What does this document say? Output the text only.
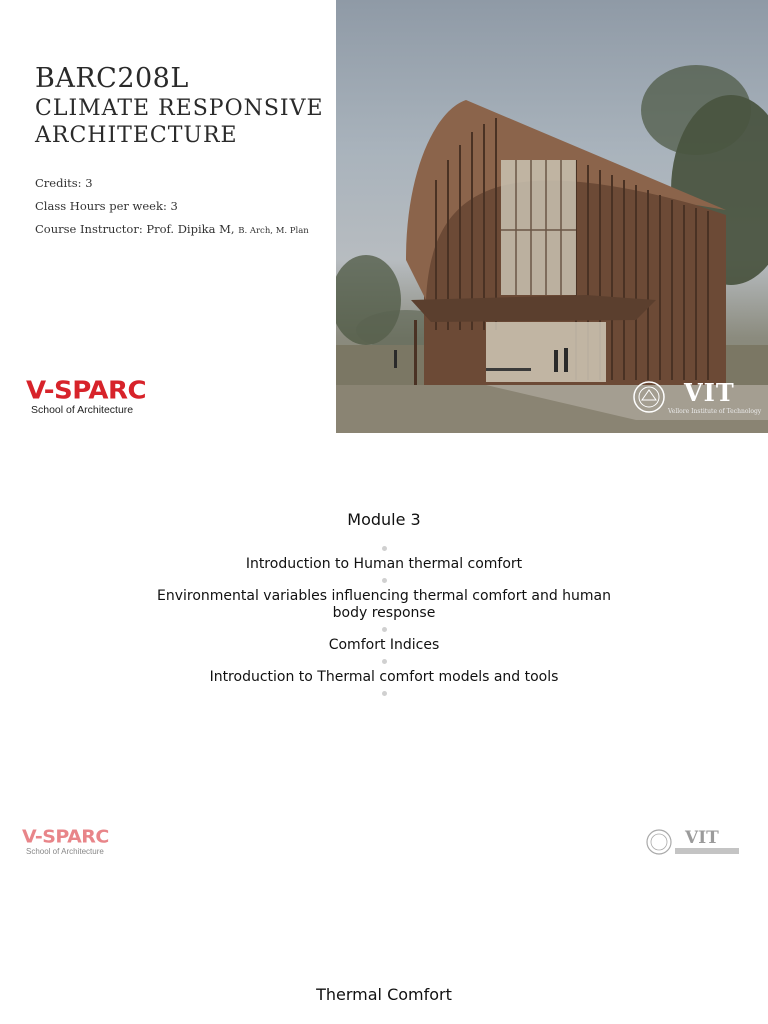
BARC208L
CLIMATE RESPONSIVE
ARCHITECTURE
Credits: 3
Class Hours per week: 3
Course Instructor: Prof. Dipika M, B. Arch, M. Plan
V-SPARC
School of Architecture
VIT
Vellore Institute of Technology
Module 3
Introduction to Human thermal comfort
Environmental variables influencing thermal comfort and human body response
Comfort Indices
Introduction to Thermal comfort models and tools
V-SPARC
School of Architecture
VIT
Thermal Comfort
